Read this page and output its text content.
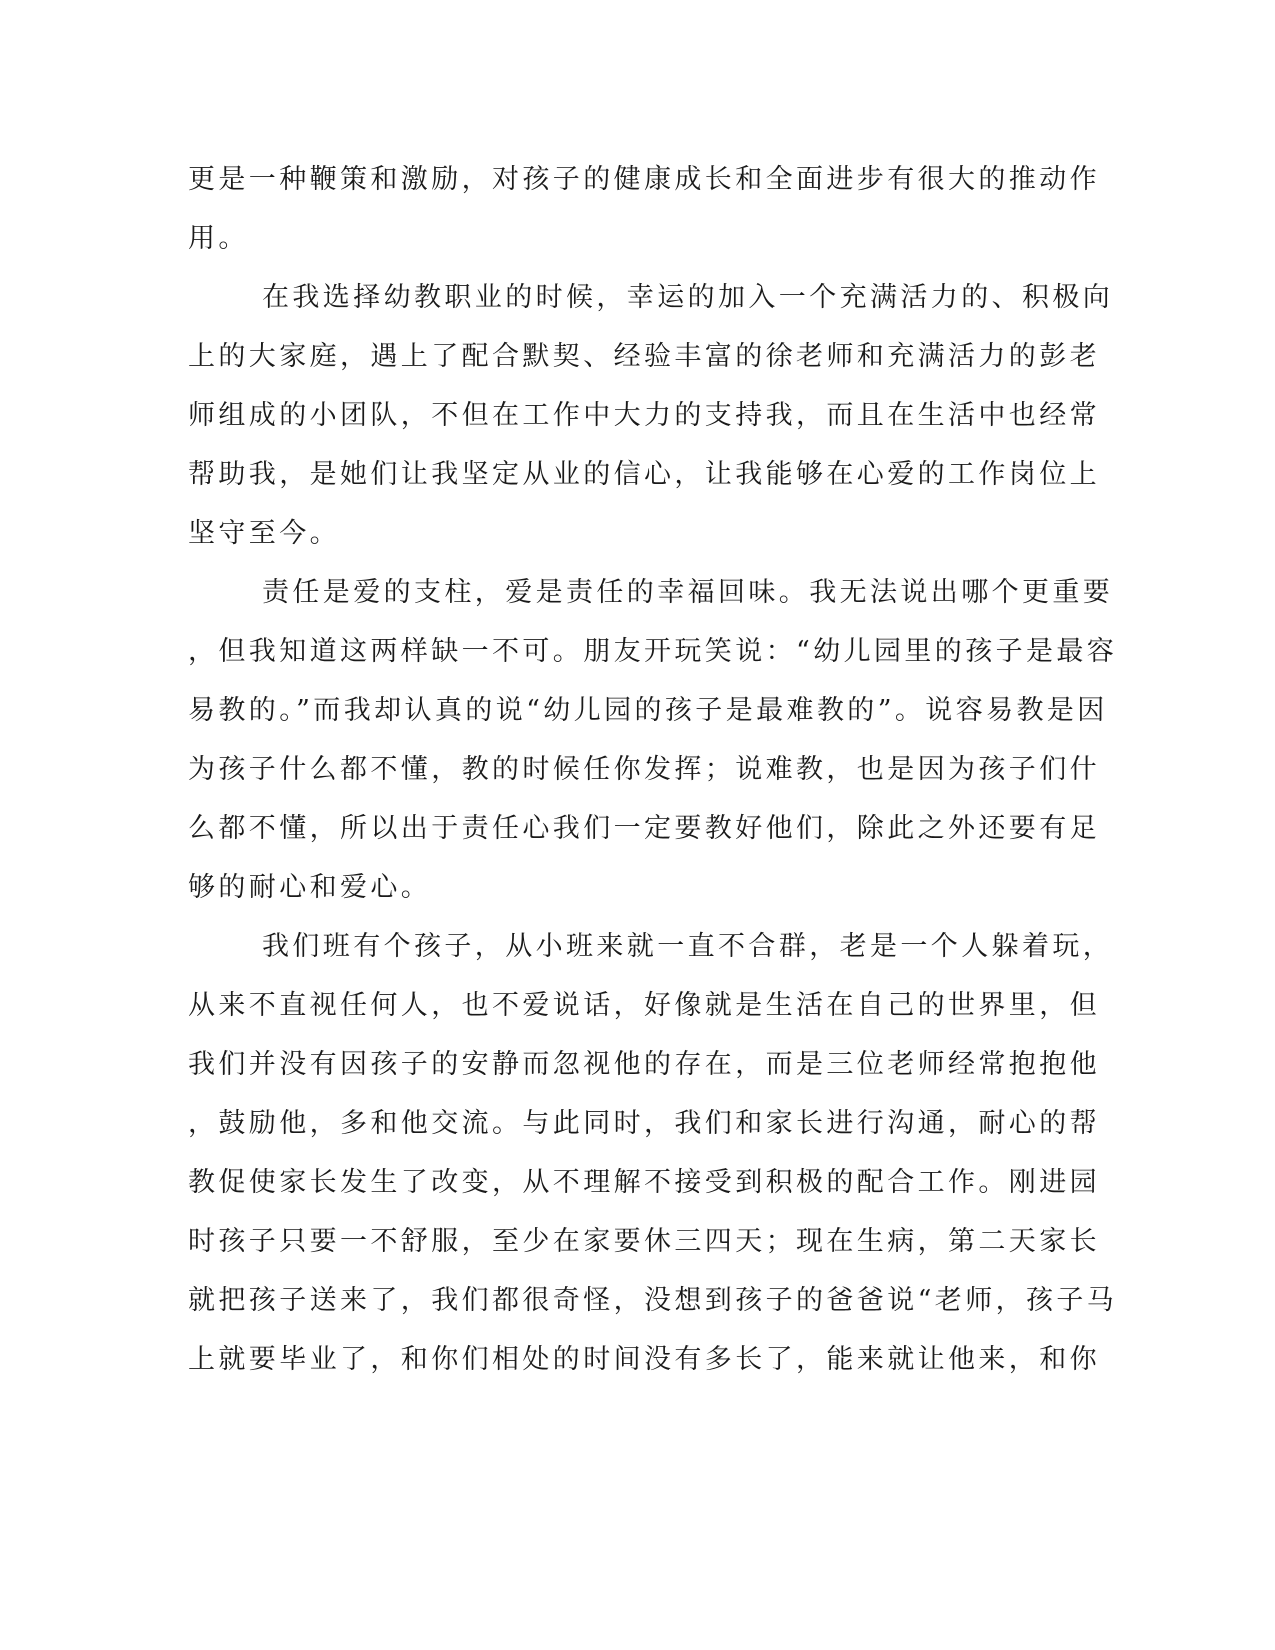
更是一种鞭策和激励，对孩子的健康成长和全面进步有很大的推动作
用。
在我选择幼教职业的时候，幸运的加入一个充满活力的、积极向
上的大家庭，遇上了配合默契、经验丰富的徐老师和充满活力的彭老
师组成的小团队，不但在工作中大力的支持我，而且在生活中也经常
帮助我，是她们让我坚定从业的信心，让我能够在心爱的工作岗位上
坚守至今。
责任是爱的支柱，爱是责任的幸福回味。我无法说出哪个更重要
，但我知道这两样缺一不可。朋友开玩笑说：“幼儿园里的孩子是最容
易教的。”而我却认真的说“幼儿园的孩子是最难教的”。说容易教是因
为孩子什么都不懂，教的时候任你发挥；说难教，也是因为孩子们什
么都不懂，所以出于责任心我们一定要教好他们，除此之外还要有足
够的耐心和爱心。
我们班有个孩子，从小班来就一直不合群，老是一个人躲着玩，
从来不直视任何人，也不爱说话，好像就是生活在自己的世界里，但
我们并没有因孩子的安静而忽视他的存在，而是三位老师经常抱抱他
，鼓励他，多和他交流。与此同时，我们和家长进行沟通，耐心的帮
教促使家长发生了改变，从不理解不接受到积极的配合工作。刚进园
时孩子只要一不舒服，至少在家要休三四天；现在生病，第二天家长
就把孩子送来了，我们都很奇怪，没想到孩子的爸爸说“老师，孩子马
上就要毕业了，和你们相处的时间没有多长了，能来就让他来，和你
